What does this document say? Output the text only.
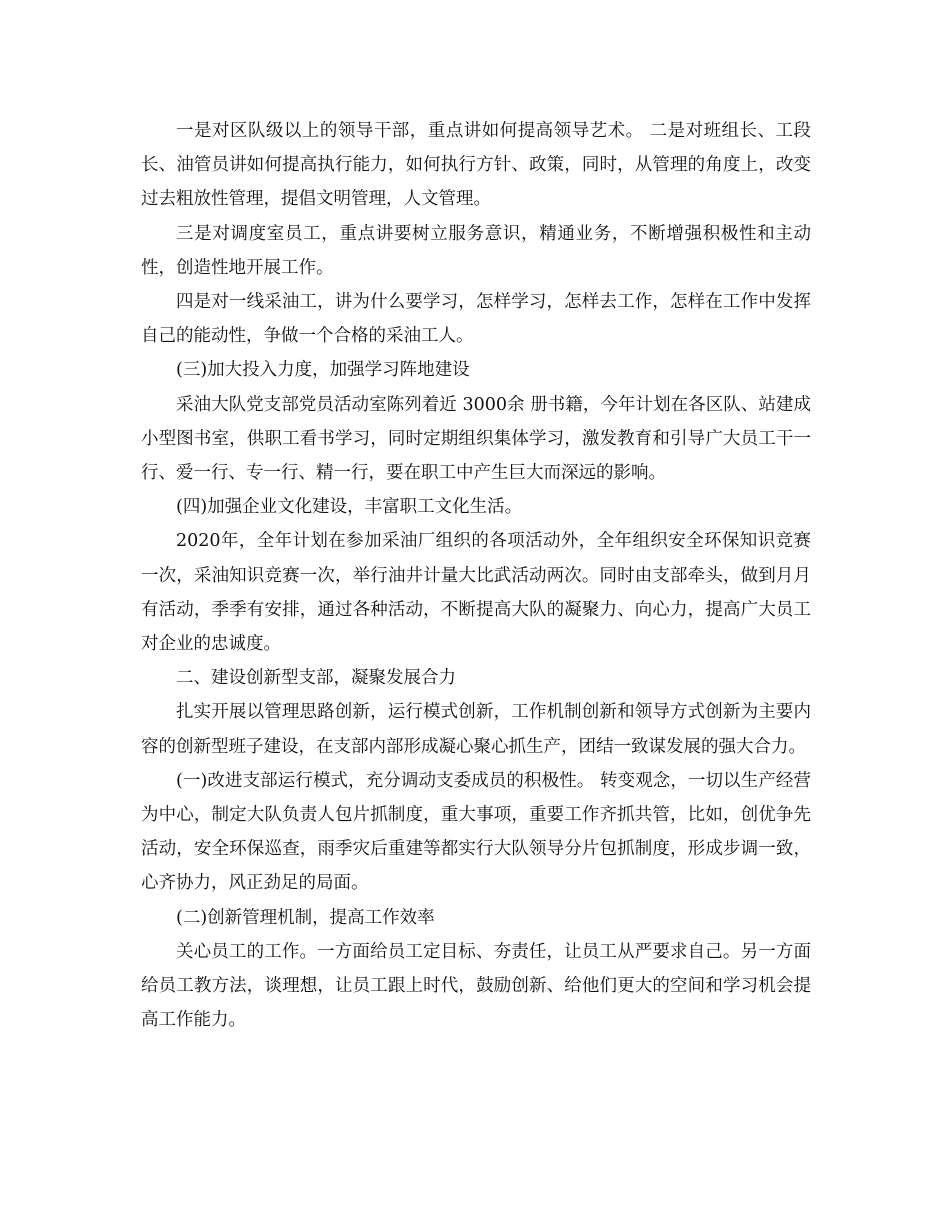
一是对区队级以上的领导干部，重点讲如何提高领导艺术。 二是对班组长、工段长、油管员讲如何提高执行能力，如何执行方针、政策，同时，从管理的角度上，改变过去粗放性管理，提倡文明管理，人文管理。

三是对调度室员工，重点讲要树立服务意识，精通业务，不断增强积极性和主动性，创造性地开展工作。

四是对一线采油工，讲为什么要学习，怎样学习，怎样去工作，怎样在工作中发挥自己的能动性，争做一个合格的采油工人。

(三)加大投入力度，加强学习阵地建设

采油大队党支部党员活动室陈列着近 3000余 册书籍，今年计划在各区队、站建成小型图书室，供职工看书学习，同时定期组织集体学习，激发教育和引导广大员工干一行、爱一行、专一行、精一行，要在职工中产生巨大而深远的影响。

(四)加强企业文化建设，丰富职工文化生活。

2020年，全年计划在参加采油厂组织的各项活动外，全年组织安全环保知识竞赛一次，采油知识竞赛一次，举行油井计量大比武活动两次。同时由支部牵头，做到月月有活动，季季有安排，通过各种活动，不断提高大队的凝聚力、向心力，提高广大员工对企业的忠诚度。

二、建设创新型支部，凝聚发展合力

扎实开展以管理思路创新，运行模式创新，工作机制创新和领导方式创新为主要内容的创新型班子建设，在支部内部形成凝心聚心抓生产，团结一致谋发展的强大合力。

(一)改进支部运行模式，充分调动支委成员的积极性。 转变观念，一切以生产经营为中心，制定大队负责人包片抓制度，重大事项，重要工作齐抓共管，比如，创优争先活动，安全环保巡查，雨季灾后重建等都实行大队领导分片包抓制度，形成步调一致，心齐协力，风正劲足的局面。

(二)创新管理机制，提高工作效率

关心员工的工作。一方面给员工定目标、夯责任，让员工从严要求自己。另一方面给员工教方法，谈理想，让员工跟上时代，鼓励创新、给他们更大的空间和学习机会提高工作能力。
